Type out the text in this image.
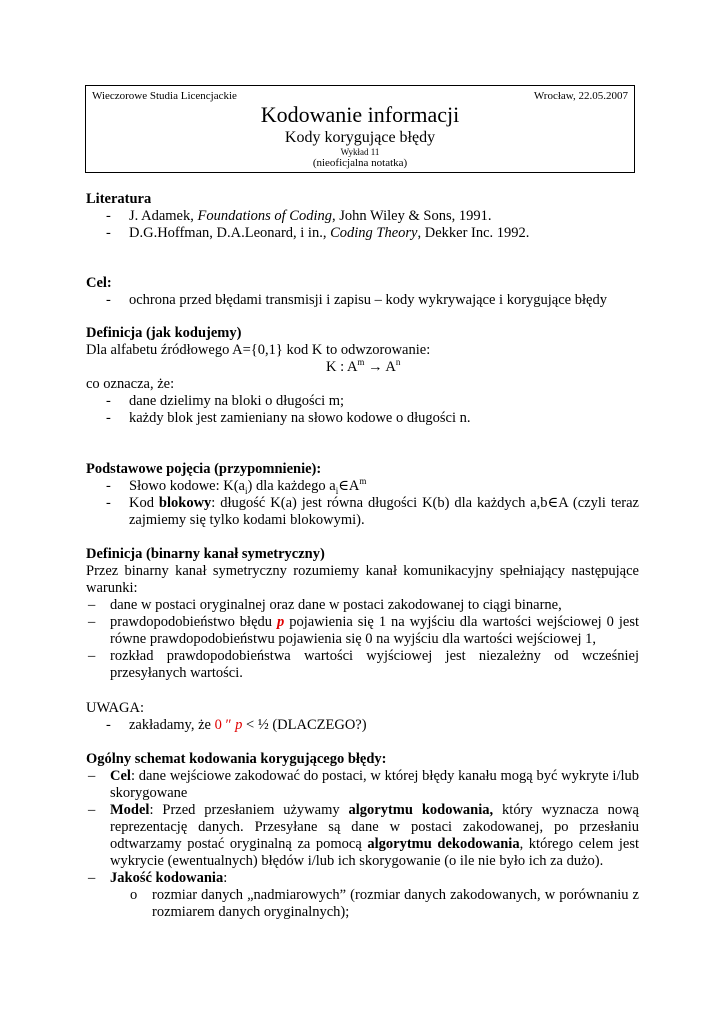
Wieczorowe Studia Licencjackie	Wrocław, 22.05.2007
Kodowanie informacji
Kody korygujące błędy
Wykład 11
(nieoficjalna notatka)
Literatura
- J. Adamek, Foundations of Coding, John Wiley & Sons, 1991.
- D.G.Hoffman, D.A.Leonard, i in., Coding Theory, Dekker Inc. 1992.
Cel:
- ochrona przed błędami transmisji i zapisu – kody wykrywające i korygujące błędy
Definicja (jak kodujemy)
Dla alfabetu źródłowego A={0,1} kod K to odwzorowanie:
K : $A^m \to A^n$
co oznacza, że:
- dane dzielimy na bloki o długości m;
- każdy blok jest zamieniany na słowo kodowe o długości n.
Podstawowe pojęcia (przypomnienie):
- Słowo kodowe: $K(a_i)$ dla każdego $a_i\in A^m$
- Kod blokowy: długość K(a) jest równa długości K(b) dla każdych a,b∈A (czyli teraz zajmiemy się tylko kodami blokowymi).
Definicja (binarny kanał symetryczny)
Przez binarny kanał symetryczny rozumiemy kanał komunikacyjny spełniający następujące warunki:
– dane w postaci oryginalnej oraz dane w postaci zakodowanej to ciągi binarne,
– prawdopodobieństwo błędu p pojawienia się 1 na wyjściu dla wartości wejściowej 0 jest równe prawdopodobieństwu pojawienia się 0 na wyjściu dla wartości wejściowej 1,
– rozkład prawdopodobieństwa wartości wyjściowej jest niezależny od wcześniej przesyłanych wartości.
UWAGA:
- zakładamy, że 0 ″ p < ½ (DLACZEGO?)
Ogólny schemat kodowania korygującego błędy:
– Cel: dane wejściowe zakodować do postaci, w której błędy kanału mogą być wykryte i/lub skorygowane
– Model: Przed przesłaniem używamy algorytmu kodowania, który wyznacza nową reprezentację danych. Przesyłane są dane w postaci zakodowanej, po przesłaniu odtwarzamy postać oryginalną za pomocą algorytmu dekodowania, którego celem jest wykrycie (ewentualnych) błędów i/lub ich skorygowanie (o ile nie było ich za dużo).
– Jakość kodowania:
o rozmiar danych „nadmiarowych” (rozmiar danych zakodowanych, w porównaniu z rozmiarem danych oryginalnych);
